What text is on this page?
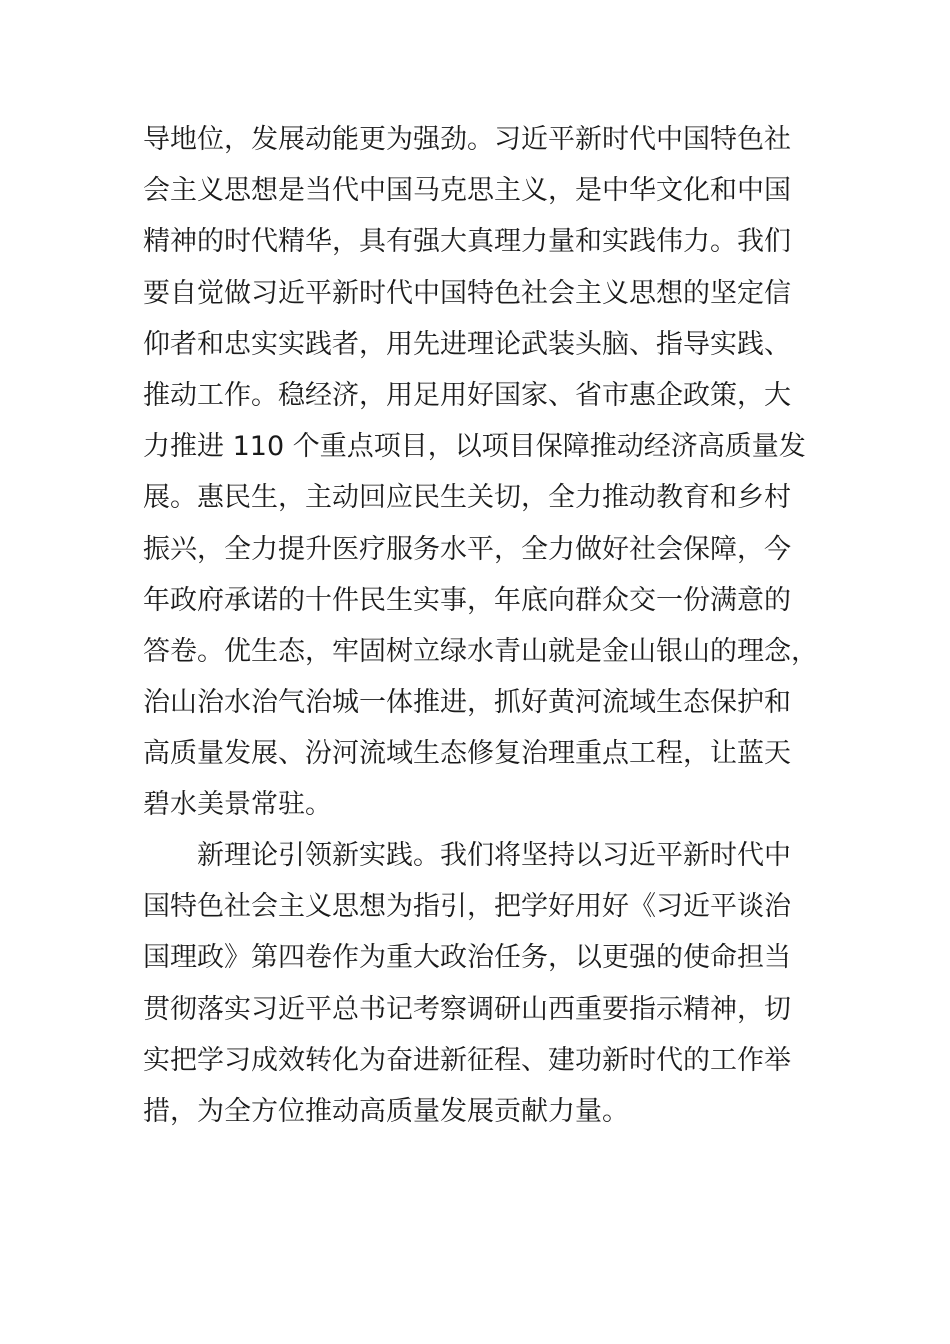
导地位，发展动能更为强劲。习近平新时代中国特色社
会主义思想是当代中国马克思主义，是中华文化和中国
精神的时代精华，具有强大真理力量和实践伟力。我们
要自觉做习近平新时代中国特色社会主义思想的坚定信
仰者和忠实实践者，用先进理论武装头脑、指导实践、
推动工作。稳经济，用足用好国家、省市惠企政策，大
力推进 110 个重点项目，以项目保障推动经济高质量发
展。惠民生，主动回应民生关切，全力推动教育和乡村
振兴，全力提升医疗服务水平，全力做好社会保障，今
年政府承诺的十件民生实事，年底向群众交一份满意的
答卷。优生态，牢固树立绿水青山就是金山银山的理念，
治山治水治气治城一体推进，抓好黄河流域生态保护和
高质量发展、汾河流域生态修复治理重点工程，让蓝天
碧水美景常驻。
新理论引领新实践。我们将坚持以习近平新时代中
国特色社会主义思想为指引，把学好用好《习近平谈治
国理政》第四卷作为重大政治任务，以更强的使命担当
贯彻落实习近平总书记考察调研山西重要指示精神，切
实把学习成效转化为奋进新征程、建功新时代的工作举
措，为全方位推动高质量发展贡献力量。
